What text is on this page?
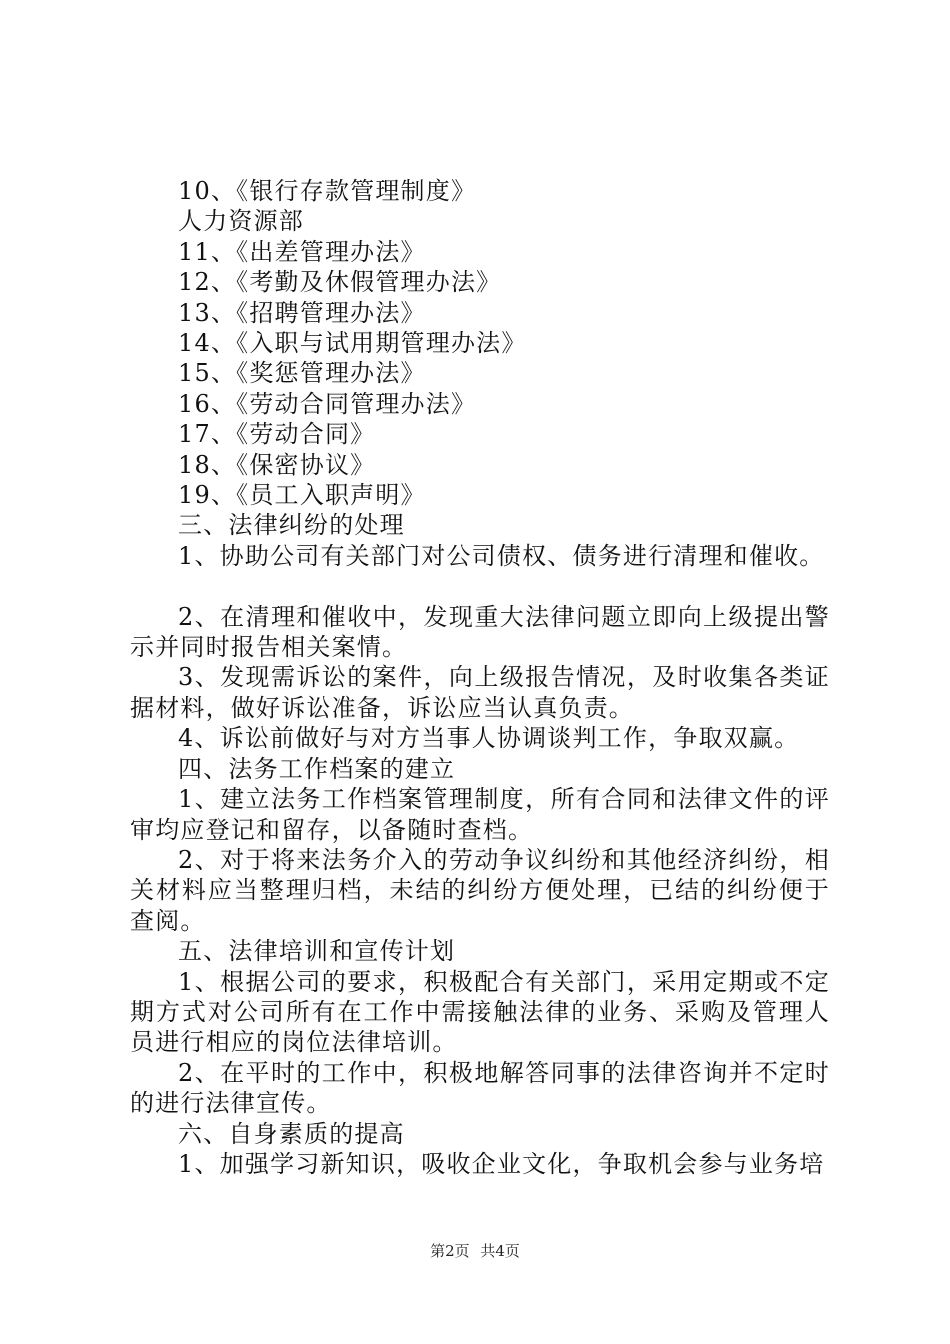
10、《银行存款管理制度》
人力资源部
11、《出差管理办法》
12、《考勤及休假管理办法》
13、《招聘管理办法》
14、《入职与试用期管理办法》
15、《奖惩管理办法》
16、《劳动合同管理办法》
17、《劳动合同》
18、《保密协议》
19、《员工入职声明》
三、法律纠纷的处理
1、协助公司有关部门对公司债权、债务进行清理和催收。

2、在清理和催收中，发现重大法律问题立即向上级提出警示并同时报告相关案情。

3、发现需诉讼的案件，向上级报告情况，及时收集各类证据材料，做好诉讼准备，诉讼应当认真负责。

4、诉讼前做好与对方当事人协调谈判工作，争取双赢。

四、法务工作档案的建立

1、建立法务工作档案管理制度，所有合同和法律文件的评审均应登记和留存，以备随时查档。

2、对于将来法务介入的劳动争议纠纷和其他经济纠纷，相关材料应当整理归档，未结的纠纷方便处理，已结的纠纷便于查阅。

五、法律培训和宣传计划

1、根据公司的要求，积极配合有关部门，采用定期或不定期方式对公司所有在工作中需接触法律的业务、采购及管理人员进行相应的岗位法律培训。

2、在平时的工作中，积极地解答同事的法律咨询并不定时的进行法律宣传。

六、自身素质的提高

1、加强学习新知识，吸收企业文化，争取机会参与业务培

第2页 共4页
